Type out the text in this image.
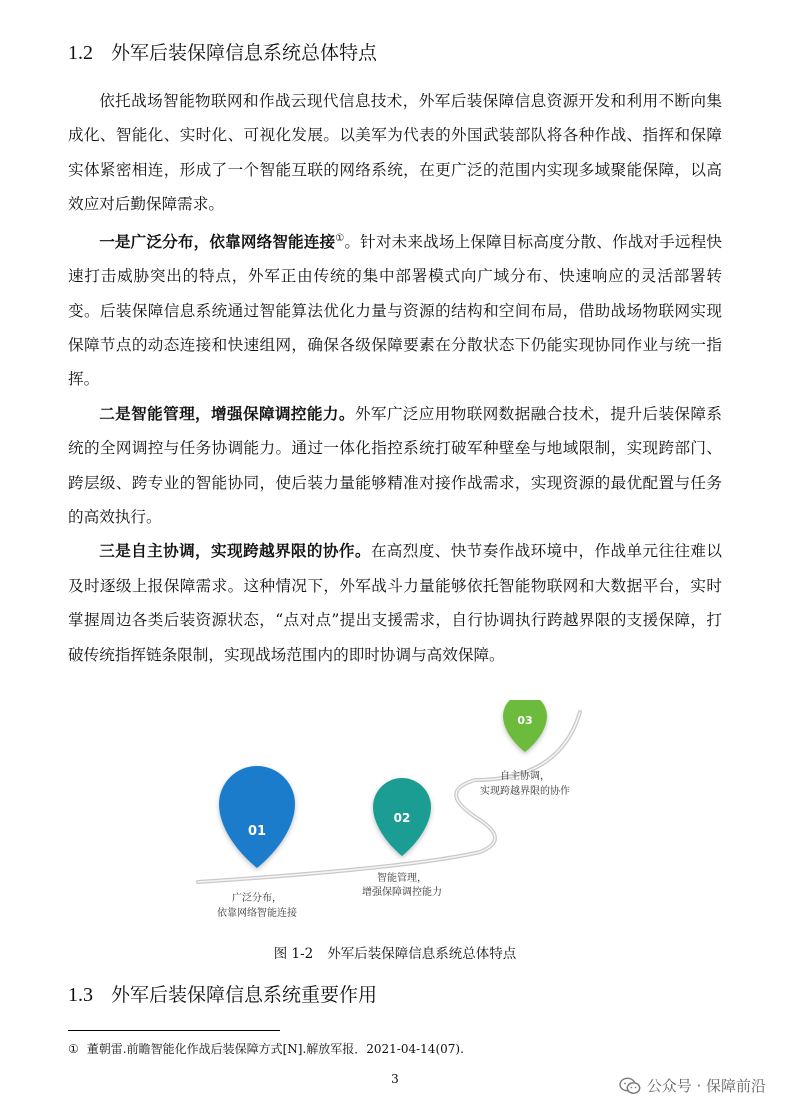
1.2 外军后装保障信息系统总体特点

依托战场智能物联网和作战云现代信息技术，外军后装保障信息资源开发和利用不断向集成化、智能化、实时化、可视化发展。以美军为代表的外国武装部队将各种作战、指挥和保障实体紧密相连，形成了一个智能互联的网络系统，在更广泛的范围内实现多域聚能保障，以高效应对后勤保障需求。

一是广泛分布，依靠网络智能连接①。针对未来战场上保障目标高度分散、作战对手远程快速打击威胁突出的特点，外军正由传统的集中部署模式向广域分布、快速响应的灵活部署转变。后装保障信息系统通过智能算法优化力量与资源的结构和空间布局，借助战场物联网实现保障节点的动态连接和快速组网，确保各级保障要素在分散状态下仍能实现协同作业与统一指挥。

二是智能管理，增强保障调控能力。外军广泛应用物联网数据融合技术，提升后装保障系统的全网调控与任务协调能力。通过一体化指控系统打破军种壁垒与地域限制，实现跨部门、跨层级、跨专业的智能协同，使后装力量能够精准对接作战需求，实现资源的最优配置与任务的高效执行。

三是自主协调，实现跨越界限的协作。在高烈度、快节奏作战环境中，作战单元往往难以及时逐级上报保障需求。这种情况下，外军战斗力量能够依托智能物联网和大数据平台，实时掌握周边各类后装资源状态，“点对点”提出支援需求，自行协调执行跨越界限的支援保障，打破传统指挥链条限制，实现战场范围内的即时协调与高效保障。

01
广泛分布，
依靠网络智能连接
02
智能管理，
增强保障调控能力
03
自主协调，
实现跨越界限的协作
图 1-2 外军后装保障信息系统总体特点
1.3 外军后装保障信息系统重要作用
① 董朝雷.前瞻智能化作战后装保障方式[N].解放军报．2021-04-14(07).
3	公众号 · 保障前沿
